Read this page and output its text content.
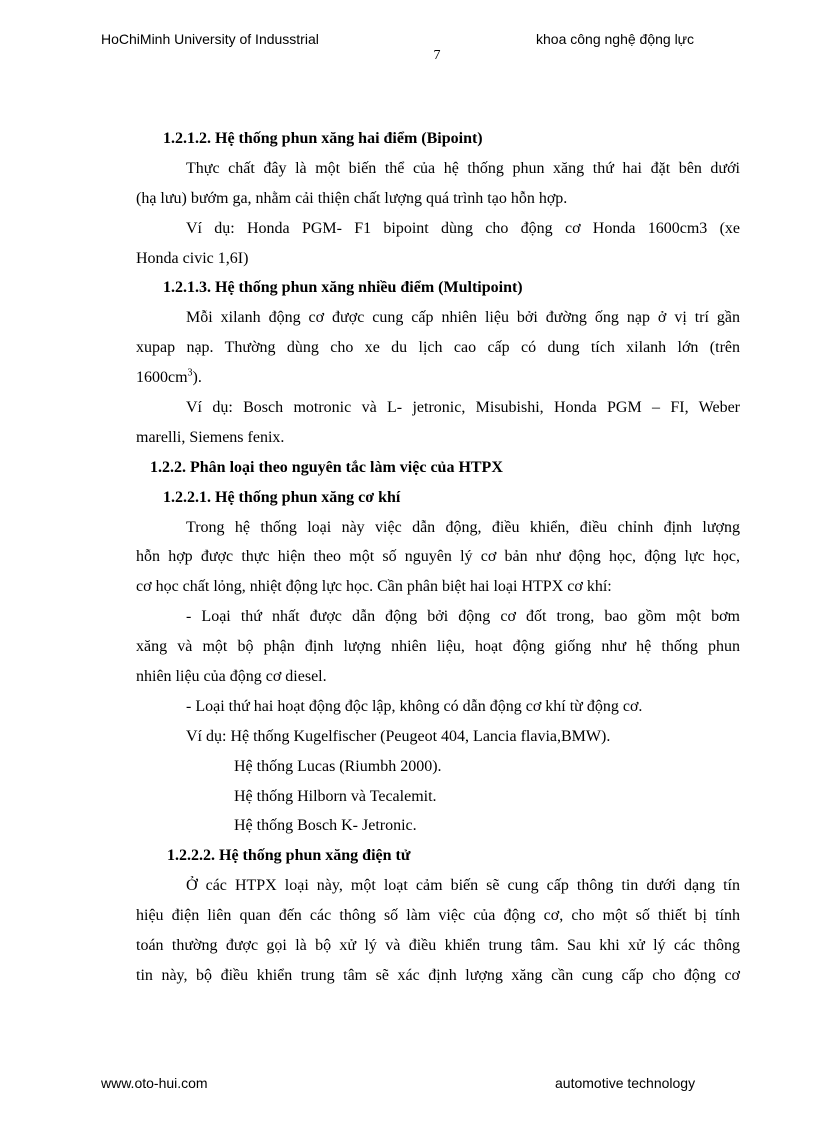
HoChiMinh University of Indusstrial	khoa công nghệ động lực
7
1.2.1.2. Hệ thống phun xăng hai điểm (Bipoint)
Thực chất đây là một biến thể của hệ thống phun xăng thứ hai đặt bên dưới
(hạ lưu) bướm ga, nhằm cải thiện chất lượng quá trình tạo hỗn hợp.
Ví dụ: Honda PGM- F1 bipoint dùng cho động cơ Honda 1600cm3 (xe
Honda civic 1,6I)
1.2.1.3. Hệ thống phun xăng nhiều điểm (Multipoint)
Mỗi xilanh động cơ được cung cấp nhiên liệu bởi đường ống nạp ở vị trí gần
xupap nạp. Thường dùng cho xe du lịch cao cấp có dung tích xilanh lớn (trên
$1600cm^3$).
Ví dụ: Bosch motronic và L- jetronic, Misubishi, Honda PGM – FI, Weber
marelli, Siemens fenix.
1.2.2. Phân loại theo nguyên tắc làm việc của HTPX
1.2.2.1. Hệ thống phun xăng cơ khí
Trong hệ thống loại này việc dẫn động, điều khiển, điều chỉnh định lượng
hỗn hợp được thực hiện theo một số nguyên lý cơ bản như động học, động lực học,
cơ học chất lỏng, nhiệt động lực học. Cần phân biệt hai loại HTPX cơ khí:
- Loại thứ nhất được dẫn động bởi động cơ đốt trong, bao gồm một bơm
xăng và một bộ phận định lượng nhiên liệu, hoạt động giống như hệ thống phun
nhiên liệu của động cơ diesel.
- Loại thứ hai hoạt động độc lập, không có dẫn động cơ khí từ động cơ.
Ví dụ: Hệ thống Kugelfischer (Peugeot 404, Lancia flavia,BMW).
Hệ thống Lucas (Riumbh 2000).
Hệ thống Hilborn và Tecalemit.
Hệ thống Bosch K- Jetronic.
1.2.2.2. Hệ thống phun xăng điện tử
Ở các HTPX loại này, một loạt cảm biến sẽ cung cấp thông tin dưới dạng tín
hiệu điện liên quan đến các thông số làm việc của động cơ, cho một số thiết bị tính
toán thường được gọi là bộ xử lý và điều khiển trung tâm. Sau khi xử lý các thông
tin này, bộ điều khiển trung tâm sẽ xác định lượng xăng cần cung cấp cho động cơ
www.oto-hui.com	automotive technology
